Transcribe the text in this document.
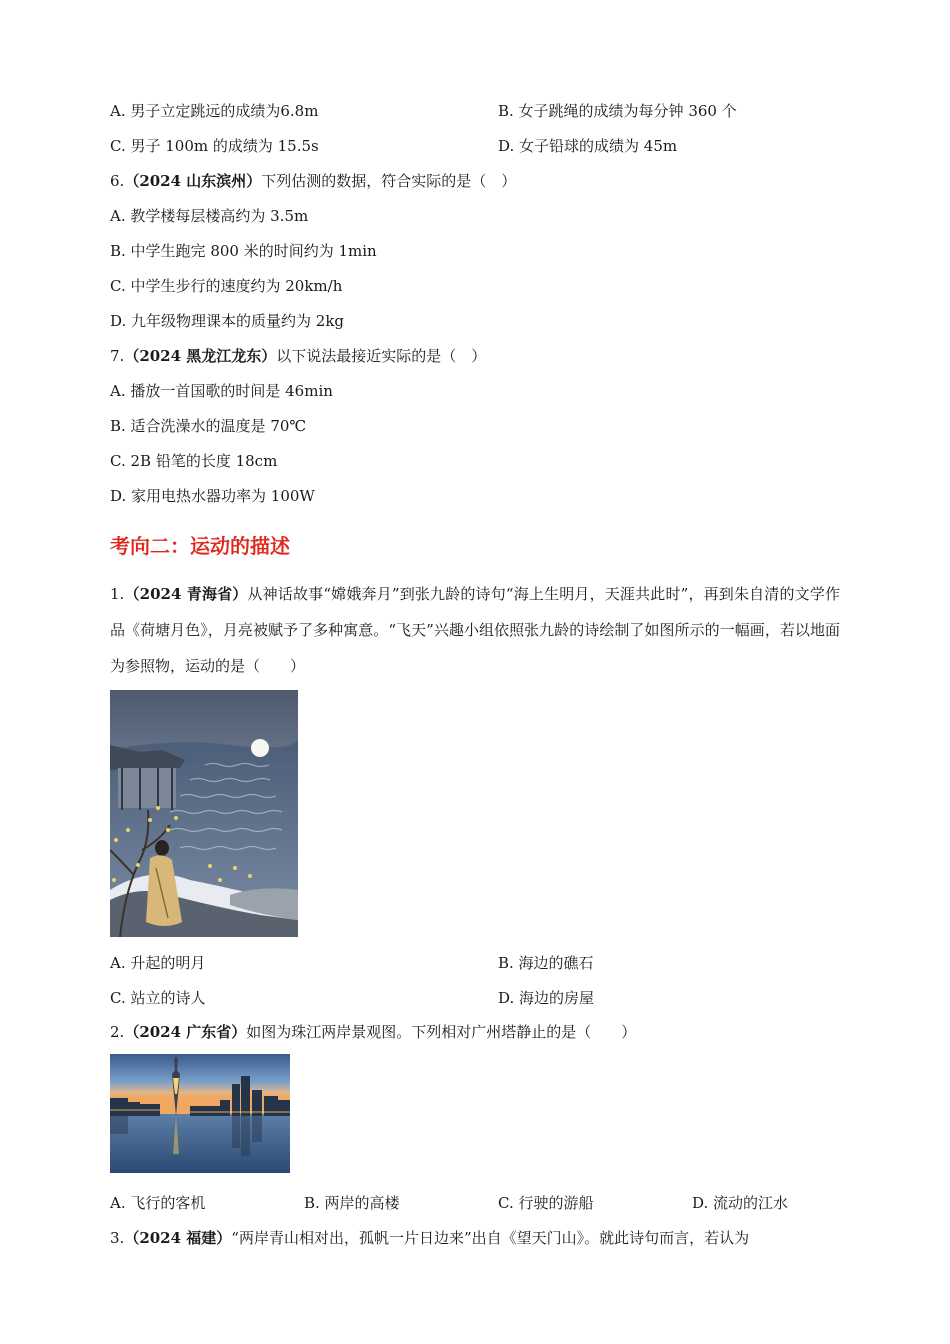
A. 男子立定跳远的成绩为6.8m	B. 女子跳绳的成绩为每分钟 360 个
C. 男子 100m 的成绩为 15.5s	D. 女子铅球的成绩为 45m
6.（2024 山东滨州）下列估测的数据，符合实际的是（　）
A. 教学楼每层楼高约为 3.5m
B. 中学生跑完 800 米的时间约为 1min
C. 中学生步行的速度约为 20km/h
D. 九年级物理课本的质量约为 2kg
7.（2024 黑龙江龙东）以下说法最接近实际的是（　）
A. 播放一首国歌的时间是 46min
B. 适合洗澡水的温度是 70℃
C. 2B 铅笔的长度 18cm
D. 家用电热水器功率为 100W
考向二：运动的描述
1.（2024 青海省）从神话故事“嫦娥奔月”到张九龄的诗句“海上生明月，天涯共此时”，再到朱自清的文学作品《荷塘月色》，月亮被赋予了多种寓意。“飞天”兴趣小组依照张九龄的诗绘制了如图所示的一幅画，若以地面为参照物，运动的是（　　）
A. 升起的明月	B. 海边的礁石
C. 站立的诗人	D. 海边的房屋
2.（2024 广东省）如图为珠江两岸景观图。下列相对广州塔静止的是（　　）
A. 飞行的客机	B. 两岸的高楼	C. 行驶的游船	D. 流动的江水
3.（2024 福建）“两岸青山相对出，孤帆一片日边来”出自《望天门山》。就此诗句而言，若认为
